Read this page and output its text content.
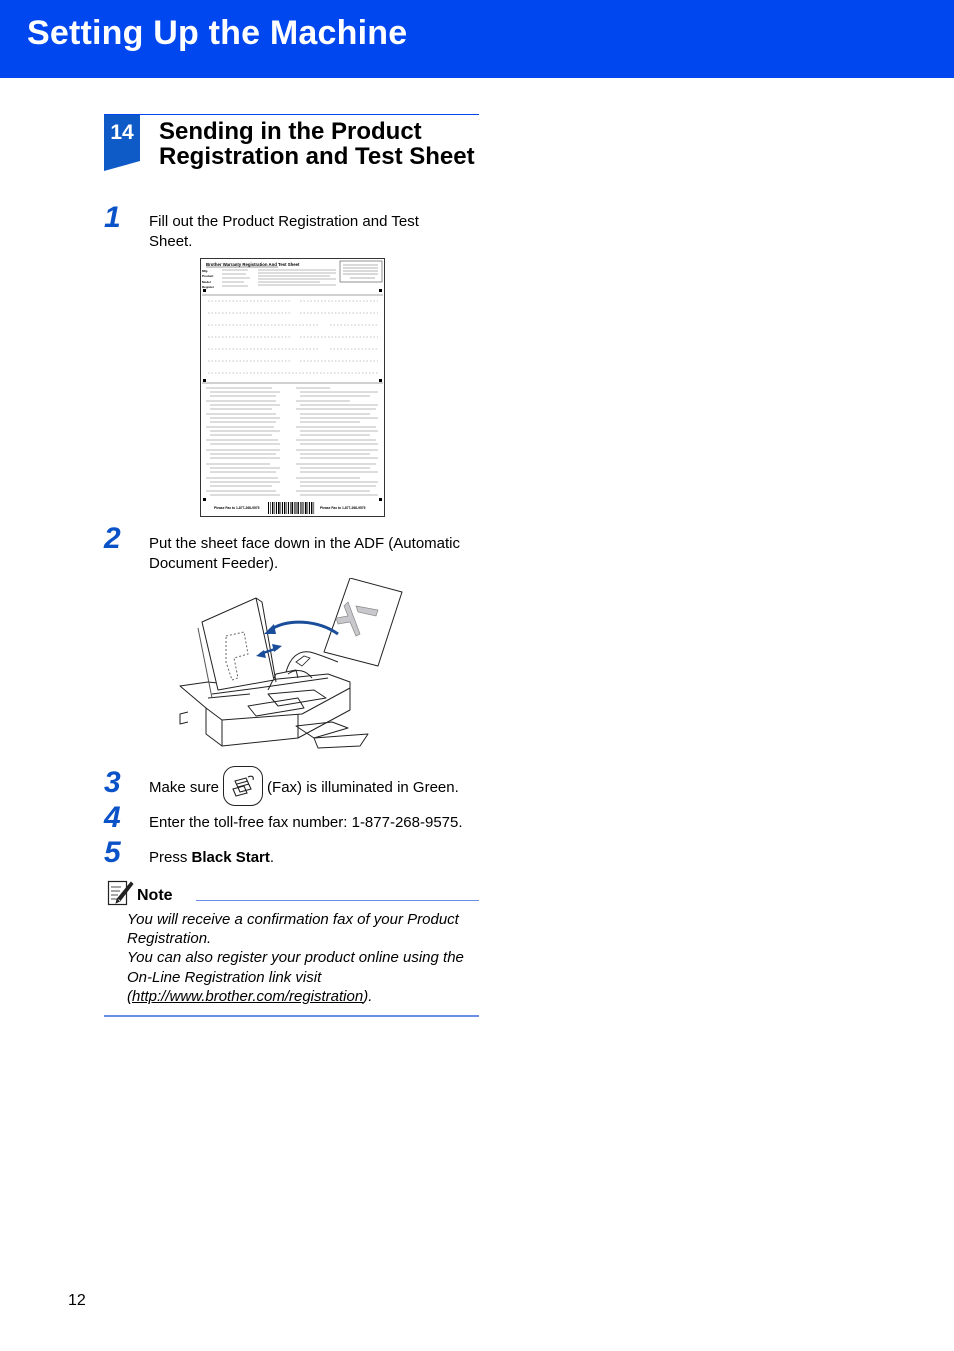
Setting Up the Machine
14 Sending in the Product
Registration and Test Sheet
1 Fill out the Product Registration and Test Sheet.
Brother Warranty Registration And Test Sheet
Mfg.
Product
Model
Register
Please Fax to 1-877-268-9575	Please Fax to 1-877-268-9575
2 Put the sheet face down in the ADF (Automatic Document Feeder).
3 Make sure	(Fax) is illuminated in Green.
4 Enter the toll-free fax number: 1-877-268-9575.
5 Press Black Start.
Note

You will receive a confirmation fax of your Product Registration.

You can also register your product online using the On-Line Registration link visit (http://www.brother.com/registration).

12
